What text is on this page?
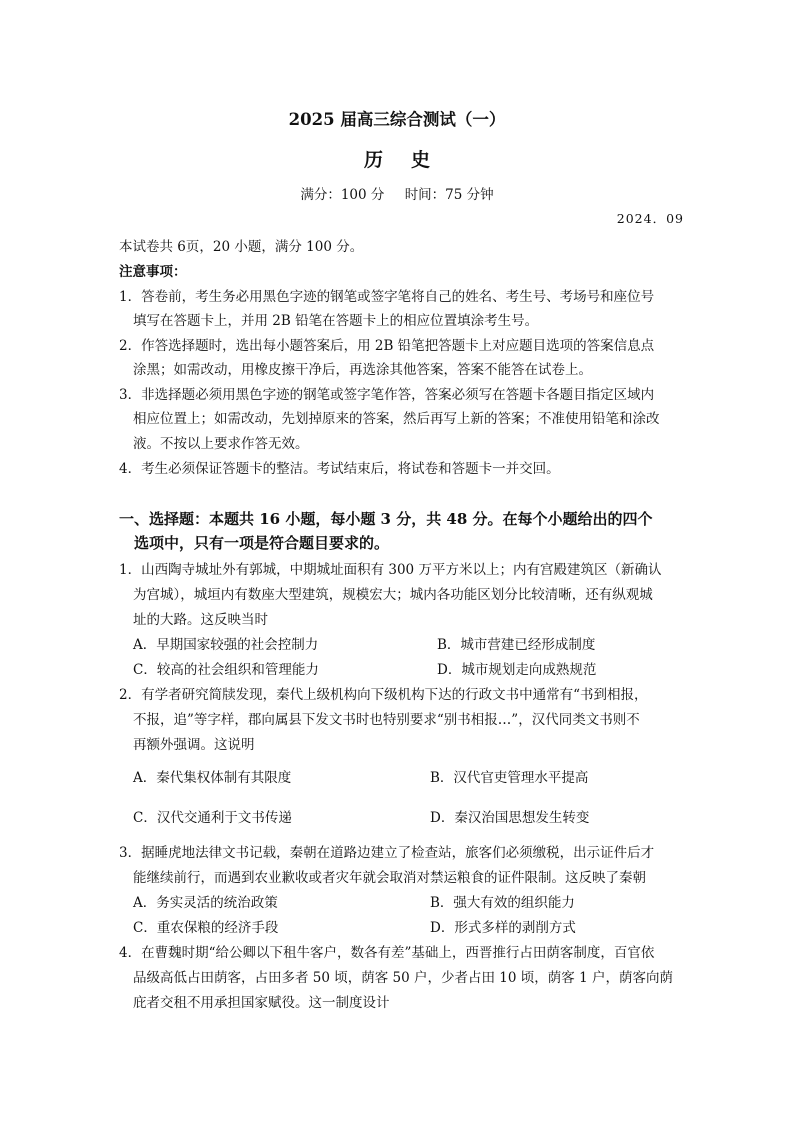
2025 届高三综合测试（一）
历史
满分：100 分 时间：75 分钟
2024．09
本试卷共 6页，20 小题，满分 100 分。
注意事项：
1．答卷前，考生务必用黑色字迹的钢笔或签字笔将自己的姓名、考生号、考场号和座位号
填写在答题卡上，并用 2B 铅笔在答题卡上的相应位置填涂考生号。
2．作答选择题时，选出每小题答案后，用 2B 铅笔把答题卡上对应题目选项的答案信息点
涂黑；如需改动，用橡皮擦干净后，再选涂其他答案，答案不能答在试卷上。
3．非选择题必须用黑色字迹的钢笔或签字笔作答，答案必须写在答题卡各题目指定区域内
相应位置上；如需改动，先划掉原来的答案，然后再写上新的答案；不准使用铅笔和涂改
液。不按以上要求作答无效。
4．考生必须保证答题卡的整洁。考试结束后，将试卷和答题卡一并交回。
一、选择题：本题共 16 小题，每小题 3 分，共 48 分。在每个小题给出的四个
选项中，只有一项是符合题目要求的。
1．山西陶寺城址外有郭城，中期城址面积有 300 万平方米以上；内有宫殿建筑区（新确认
为宫城），城垣内有数座大型建筑，规模宏大；城内各功能区划分比较清晰，还有纵观城
址的大路。这反映当时
A．早期国家较强的社会控制力	B．城市营建已经形成制度
C．较高的社会组织和管理能力	D．城市规划走向成熟规范
2．有学者研究简牍发现，秦代上级机构向下级机构下达的行政文书中通常有“书到相报，
不报，追”等字样，郡向属县下发文书时也特别要求“别书相报…”，汉代同类文书则不
再额外强调。这说明
A．秦代集权体制有其限度	B．汉代官吏管理水平提高
C．汉代交通利于文书传递	D．秦汉治国思想发生转变
3．据睡虎地法律文书记载，秦朝在道路边建立了检查站，旅客们必须缴税，出示证件后才
能继续前行，而遇到农业歉收或者灾年就会取消对禁运粮食的证件限制。这反映了秦朝
A．务实灵活的统治政策	B．强大有效的组织能力
C．重农保粮的经济手段	D．形式多样的剥削方式
4．在曹魏时期“给公卿以下租牛客户，数各有差”基础上，西晋推行占田荫客制度，百官依
品级高低占田荫客，占田多者 50 顷，荫客 50 户，少者占田 10 顷，荫客 1 户，荫客向荫
庇者交租不用承担国家赋役。这一制度设计
